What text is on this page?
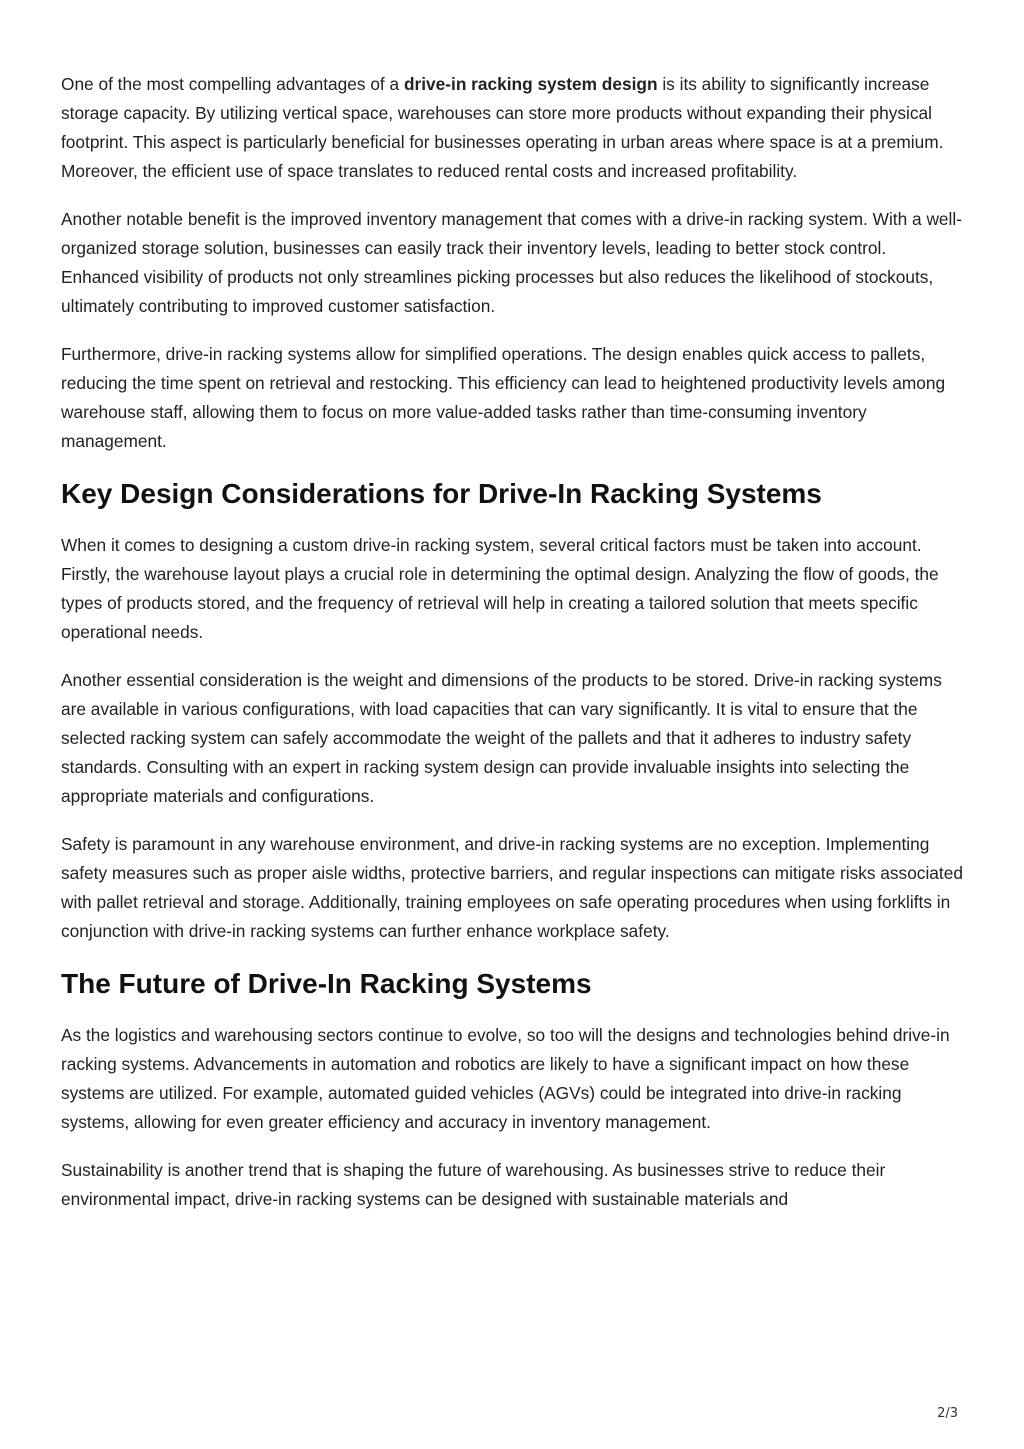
One of the most compelling advantages of a drive-in racking system design is its ability to significantly increase storage capacity. By utilizing vertical space, warehouses can store more products without expanding their physical footprint. This aspect is particularly beneficial for businesses operating in urban areas where space is at a premium. Moreover, the efficient use of space translates to reduced rental costs and increased profitability.

Another notable benefit is the improved inventory management that comes with a drive-in racking system. With a well-organized storage solution, businesses can easily track their inventory levels, leading to better stock control. Enhanced visibility of products not only streamlines picking processes but also reduces the likelihood of stockouts, ultimately contributing to improved customer satisfaction.

Furthermore, drive-in racking systems allow for simplified operations. The design enables quick access to pallets, reducing the time spent on retrieval and restocking. This efficiency can lead to heightened productivity levels among warehouse staff, allowing them to focus on more value-added tasks rather than time-consuming inventory management.

Key Design Considerations for Drive-In Racking Systems

When it comes to designing a custom drive-in racking system, several critical factors must be taken into account. Firstly, the warehouse layout plays a crucial role in determining the optimal design. Analyzing the flow of goods, the types of products stored, and the frequency of retrieval will help in creating a tailored solution that meets specific operational needs.

Another essential consideration is the weight and dimensions of the products to be stored. Drive-in racking systems are available in various configurations, with load capacities that can vary significantly. It is vital to ensure that the selected racking system can safely accommodate the weight of the pallets and that it adheres to industry safety standards. Consulting with an expert in racking system design can provide invaluable insights into selecting the appropriate materials and configurations.

Safety is paramount in any warehouse environment, and drive-in racking systems are no exception. Implementing safety measures such as proper aisle widths, protective barriers, and regular inspections can mitigate risks associated with pallet retrieval and storage. Additionally, training employees on safe operating procedures when using forklifts in conjunction with drive-in racking systems can further enhance workplace safety.

The Future of Drive-In Racking Systems

As the logistics and warehousing sectors continue to evolve, so too will the designs and technologies behind drive-in racking systems. Advancements in automation and robotics are likely to have a significant impact on how these systems are utilized. For example, automated guided vehicles (AGVs) could be integrated into drive-in racking systems, allowing for even greater efficiency and accuracy in inventory management.

Sustainability is another trend that is shaping the future of warehousing. As businesses strive to reduce their environmental impact, drive-in racking systems can be designed with sustainable materials and

2/3
